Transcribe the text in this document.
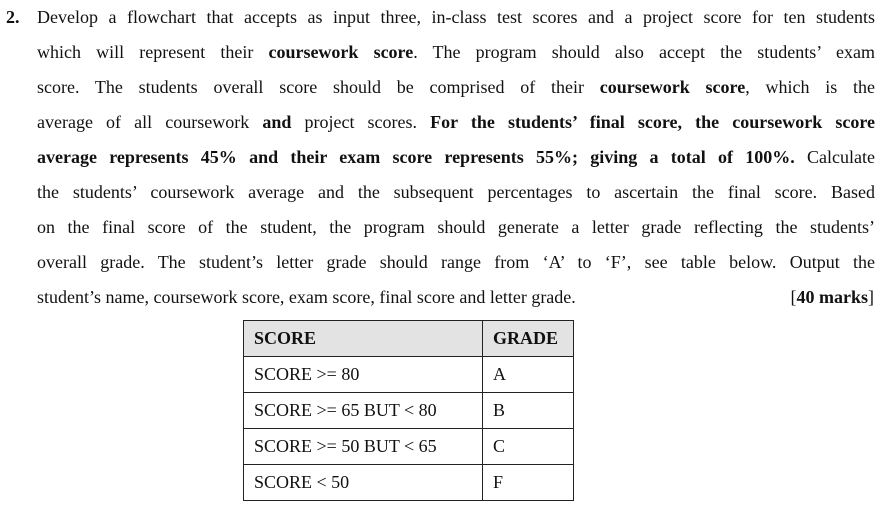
2. Develop a flowchart that accepts as input three, in-class test scores and a project score for ten students
which will represent their coursework score. The program should also accept the students’ exam
score. The students overall score should be comprised of their coursework score, which is the
average of all coursework and project scores. For the students’ final score, the coursework score
average represents 45% and their exam score represents 55%; giving a total of 100%. Calculate
the students’ coursework average and the subsequent percentages to ascertain the final score. Based
on the final score of the student, the program should generate a letter grade reflecting the students’
overall grade. The student’s letter grade should range from ‘A’ to ‘F’, see table below. Output the
student’s name, coursework score, exam score, final score and letter grade.	[40 marks]
SCORE	GRADE
SCORE >= 80	A
SCORE >= 65 BUT < 80	B
SCORE >= 50 BUT < 65	C
SCORE < 50	F
